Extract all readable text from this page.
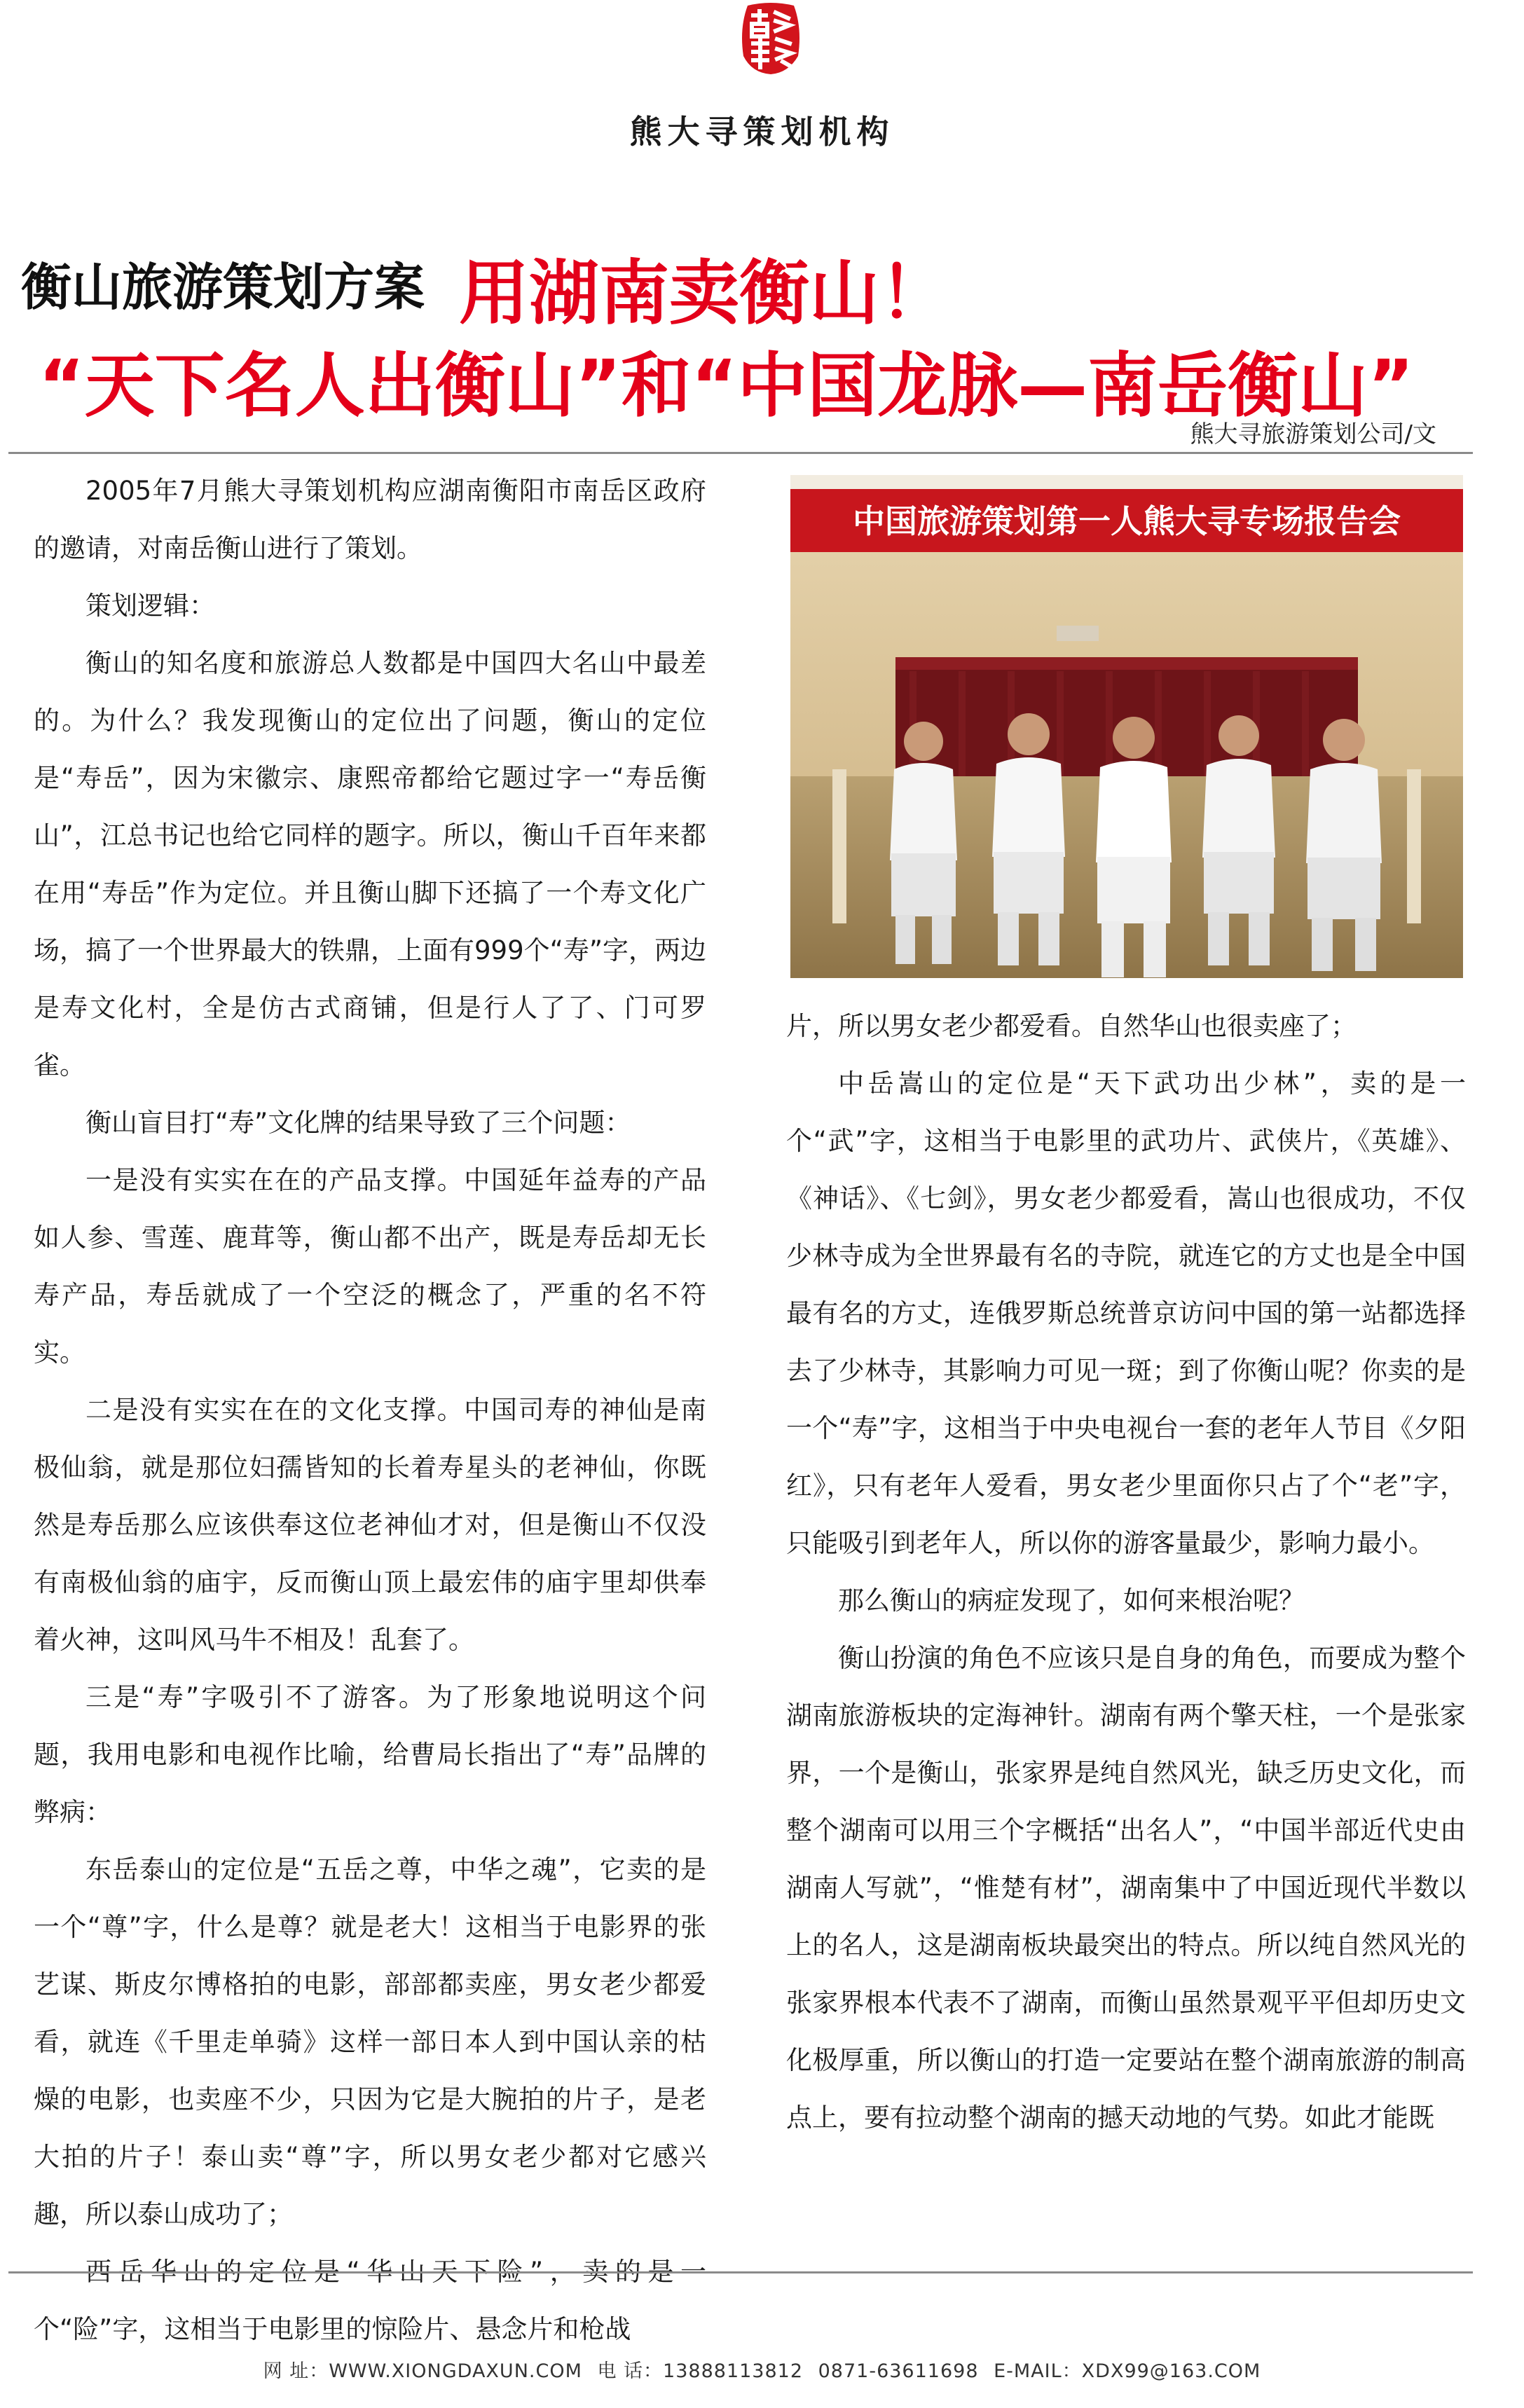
熊大寻策划机构
衡山旅游策划方案 用湖南卖衡山！
“天下名人出衡山”和“中国龙脉—南岳衡山”

熊大寻旅游策划公司/文

2005年7月熊大寻策划机构应湖南衡阳市南岳区政府的邀请，对南岳衡山进行了策划。

策划逻辑：

衡山的知名度和旅游总人数都是中国四大名山中最差的。为什么？我发现衡山的定位出了问题，衡山的定位是“寿岳”，因为宋徽宗、康熙帝都给它题过字一“寿岳衡山”，江总书记也给它同样的题字。所以，衡山千百年来都在用“寿岳”作为定位。并且衡山脚下还搞了一个寿文化广场，搞了一个世界最大的铁鼎，上面有999个“寿”字，两边是寿文化村，全是仿古式商铺，但是行人了了、门可罗雀。

衡山盲目打“寿”文化牌的结果导致了三个问题：

一是没有实实在在的产品支撑。中国延年益寿的产品如人参、雪莲、鹿茸等，衡山都不出产，既是寿岳却无长寿产品，寿岳就成了一个空泛的概念了，严重的名不符实。

二是没有实实在在的文化支撑。中国司寿的神仙是南极仙翁，就是那位妇孺皆知的长着寿星头的老神仙，你既然是寿岳那么应该供奉这位老神仙才对，但是衡山不仅没有南极仙翁的庙宇，反而衡山顶上最宏伟的庙宇里却供奉着火神，这叫风马牛不相及！乱套了。

三是“寿”字吸引不了游客。为了形象地说明这个问题，我用电影和电视作比喻，给曹局长指出了“寿”品牌的弊病：

东岳泰山的定位是“五岳之尊，中华之魂”，它卖的是一个“尊”字，什么是尊？就是老大！这相当于电影界的张艺谋、斯皮尔博格拍的电影，部部都卖座，男女老少都爱看，就连《千里走单骑》这样一部日本人到中国认亲的枯燥的电影，也卖座不少，只因为它是大腕拍的片子，是老大拍的片子！泰山卖“尊”字，所以男女老少都对它感兴趣，所以泰山成功了；

西岳华山的定位是“华山天下险”，卖的是一个“险”字，这相当于电影里的惊险片、悬念片和枪战

中国旅游策划第一人熊大寻专场报告会

片，所以男女老少都爱看。自然华山也很卖座了；

中岳嵩山的定位是“天下武功出少林”，卖的是一个“武”字，这相当于电影里的武功片、武侠片，《英雄》、《神话》、《七剑》，男女老少都爱看，嵩山也很成功，不仅少林寺成为全世界最有名的寺院，就连它的方丈也是全中国最有名的方丈，连俄罗斯总统普京访问中国的第一站都选择去了少林寺，其影响力可见一斑；到了你衡山呢？你卖的是一个“寿”字，这相当于中央电视台一套的老年人节目《夕阳红》，只有老年人爱看，男女老少里面你只占了个“老”字，只能吸引到老年人，所以你的游客量最少，影响力最小。

那么衡山的病症发现了，如何来根治呢？

衡山扮演的角色不应该只是自身的角色，而要成为整个湖南旅游板块的定海神针。湖南有两个擎天柱，一个是张家界，一个是衡山，张家界是纯自然风光，缺乏历史文化，而整个湖南可以用三个字概括“出名人”，“中国半部近代史由湖南人写就”，“惟楚有材”，湖南集中了中国近现代半数以上的名人，这是湖南板块最突出的特点。所以纯自然风光的张家界根本代表不了湖南，而衡山虽然景观平平但却历史文化极厚重，所以衡山的打造一定要站在整个湖南旅游的制高点上，要有拉动整个湖南的撼天动地的气势。如此才能既

网 址：WWW.XIONGDAXUN.COM 电 话：13888113812 0871-63611698 E-MAIL：XDX99@163.COM
